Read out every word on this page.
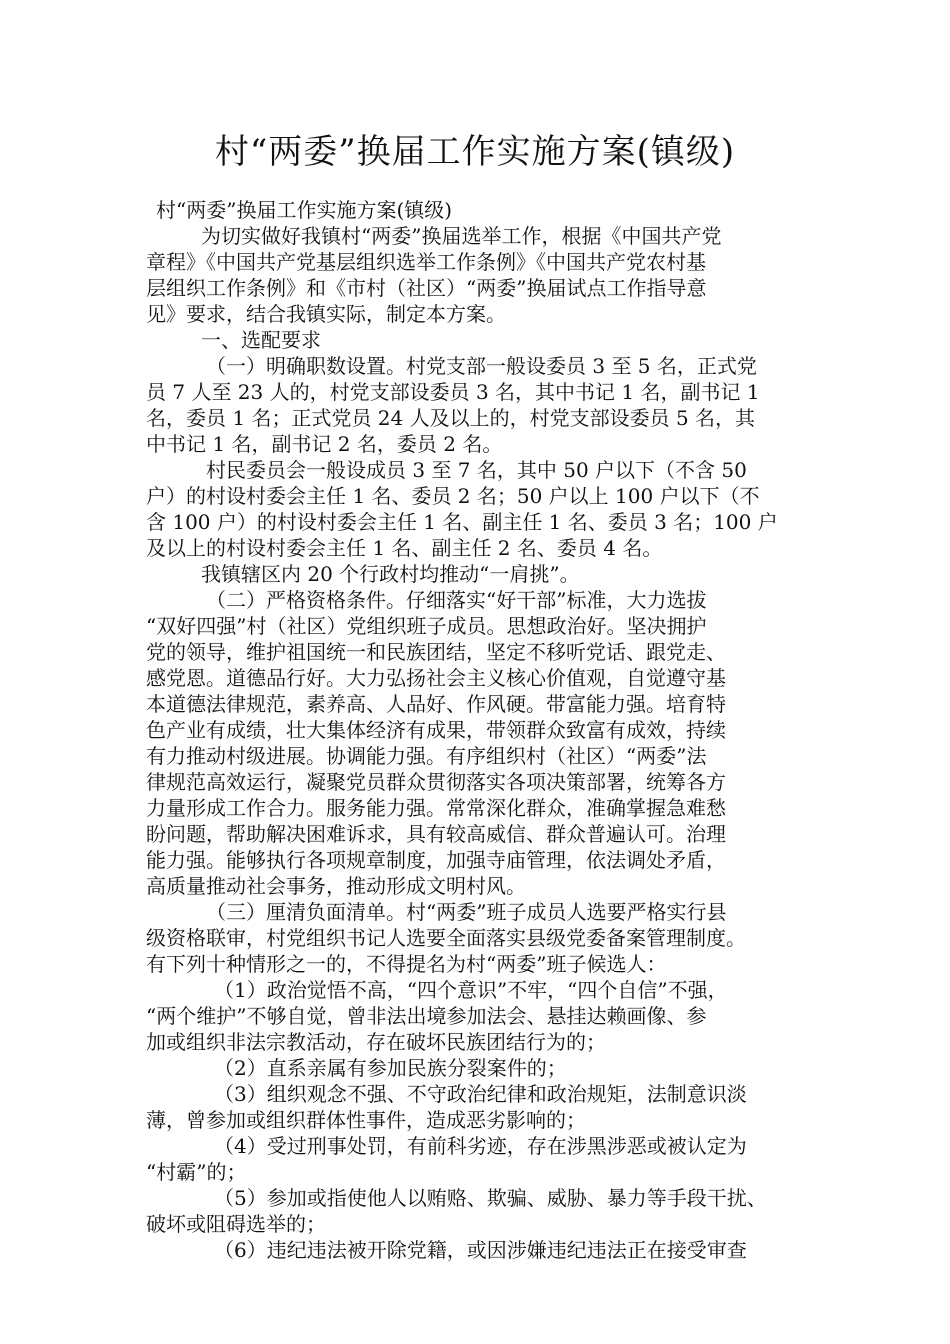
村“两委”换届工作实施方案(镇级)
村“两委”换届工作实施方案(镇级)
为切实做好我镇村“两委”换届选举工作，根据《中国共产党
章程》《中国共产党基层组织选举工作条例》《中国共产党农村基
层组织工作条例》和《市村（社区）“两委”换届试点工作指导意
见》要求，结合我镇实际，制定本方案。
一、选配要求
（一）明确职数设置。村党支部一般设委员 3 至 5 名，正式党
员 7 人至 23 人的，村党支部设委员 3 名，其中书记 1 名，副书记 1
名，委员 1 名；正式党员 24 人及以上的，村党支部设委员 5 名，其
中书记 1 名，副书记 2 名，委员 2 名。
村民委员会一般设成员 3 至 7 名，其中 50 户以下（不含 50
户）的村设村委会主任 1 名、委员 2 名；50 户以上 100 户以下（不
含 100 户）的村设村委会主任 1 名、副主任 1 名、委员 3 名；100 户
及以上的村设村委会主任 1 名、副主任 2 名、委员 4 名。
我镇辖区内 20 个行政村均推动“一肩挑”。
（二）严格资格条件。仔细落实“好干部”标准，大力选拔
“双好四强”村（社区）党组织班子成员。思想政治好。坚决拥护
党的领导，维护祖国统一和民族团结，坚定不移听党话、跟党走、
感党恩。道德品行好。大力弘扬社会主义核心价值观，自觉遵守基
本道德法律规范，素养高、人品好、作风硬。带富能力强。培育特
色产业有成绩，壮大集体经济有成果，带领群众致富有成效，持续
有力推动村级进展。协调能力强。有序组织村（社区）“两委”法
律规范高效运行，凝聚党员群众贯彻落实各项决策部署，统筹各方
力量形成工作合力。服务能力强。常常深化群众，准确掌握急难愁
盼问题，帮助解决困难诉求，具有较高威信、群众普遍认可。治理
能力强。能够执行各项规章制度，加强寺庙管理，依法调处矛盾，
高质量推动社会事务，推动形成文明村风。
（三）厘清负面清单。村“两委”班子成员人选要严格实行县
级资格联审，村党组织书记人选要全面落实县级党委备案管理制度。
有下列十种情形之一的，不得提名为村“两委”班子候选人：
（1）政治觉悟不高，“四个意识”不牢，“四个自信”不强，
“两个维护”不够自觉，曾非法出境参加法会、悬挂达赖画像、参
加或组织非法宗教活动，存在破坏民族团结行为的；
（2）直系亲属有参加民族分裂案件的；
（3）组织观念不强、不守政治纪律和政治规矩，法制意识淡
薄，曾参加或组织群体性事件，造成恶劣影响的；
（4）受过刑事处罚，有前科劣迹，存在涉黑涉恶或被认定为
“村霸”的；
（5）参加或指使他人以贿赂、欺骗、威胁、暴力等手段干扰、
破坏或阻碍选举的；
（6）违纪违法被开除党籍，或因涉嫌违纪违法正在接受审查
